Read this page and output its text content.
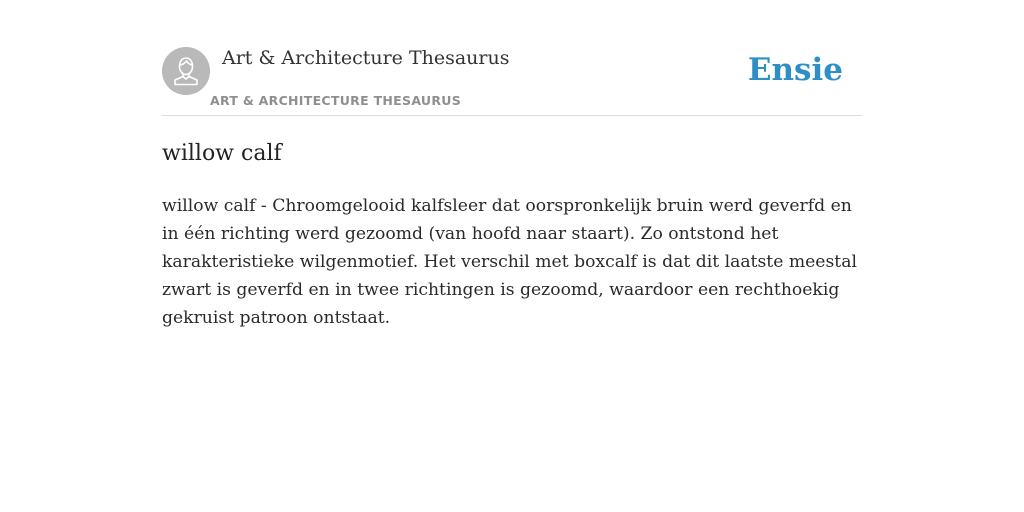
Art & Architecture Thesaurus
ART & ARCHITECTURE THESAURUS
Ensie
willow calf

willow calf - Chroomgelooid kalfsleer dat oorspronkelijk bruin werd geverfd en
in één richting werd gezoomd (van hoofd naar staart). Zo ontstond het
karakteristieke wilgenmotief. Het verschil met boxcalf is dat dit laatste meestal
zwart is geverfd en in twee richtingen is gezoomd, waardoor een rechthoekig
gekruist patroon ontstaat.
